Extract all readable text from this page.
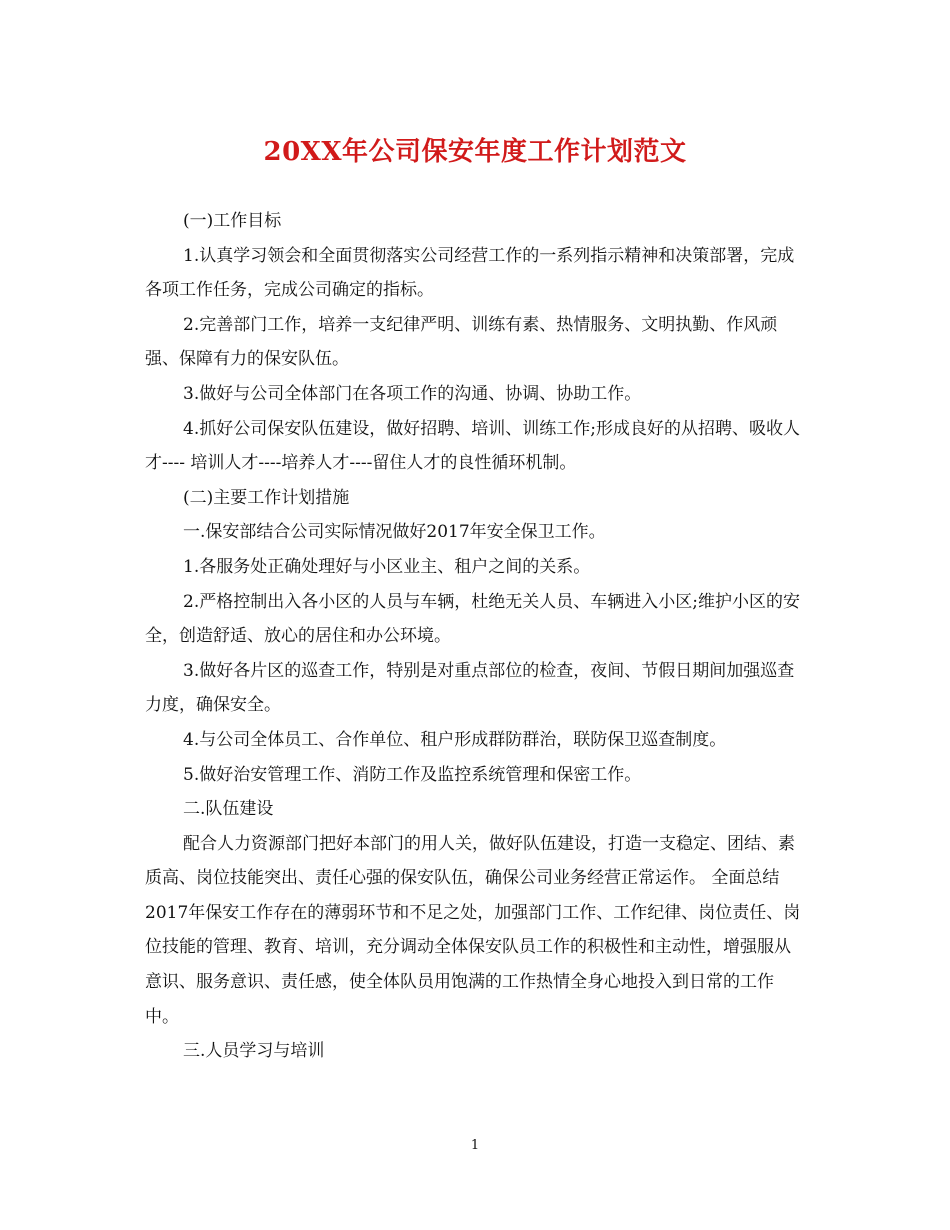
20XX年公司保安年度工作计划范文

(一)工作目标

1.认真学习领会和全面贯彻落实公司经营工作的一系列指示精神和决策部署，完成各项工作任务，完成公司确定的指标。

2.完善部门工作，培养一支纪律严明、训练有素、热情服务、文明执勤、作风顽强、保障有力的保安队伍。

3.做好与公司全体部门在各项工作的沟通、协调、协助工作。

4.抓好公司保安队伍建设，做好招聘、培训、训练工作;形成良好的从招聘、吸收人才---- 培训人才----培养人才----留住人才的良性循环机制。

(二)主要工作计划措施

一.保安部结合公司实际情况做好2017年安全保卫工作。

1.各服务处正确处理好与小区业主、租户之间的关系。

2.严格控制出入各小区的人员与车辆，杜绝无关人员、车辆进入小区;维护小区的安全，创造舒适、放心的居住和办公环境。

3.做好各片区的巡查工作，特别是对重点部位的检查，夜间、节假日期间加强巡查力度，确保安全。

4.与公司全体员工、合作单位、租户形成群防群治，联防保卫巡查制度。

5.做好治安管理工作、消防工作及监控系统管理和保密工作。

二.队伍建设

配合人力资源部门把好本部门的用人关，做好队伍建设，打造一支稳定、团结、素质高、岗位技能突出、责任心强的保安队伍，确保公司业务经营正常运作。 全面总结2017年保安工作存在的薄弱环节和不足之处，加强部门工作、工作纪律、岗位责任、岗位技能的管理、教育、培训，充分调动全体保安队员工作的积极性和主动性，增强服从意识、服务意识、责任感，使全体队员用饱满的工作热情全身心地投入到日常的工作中。

三.人员学习与培训

1
